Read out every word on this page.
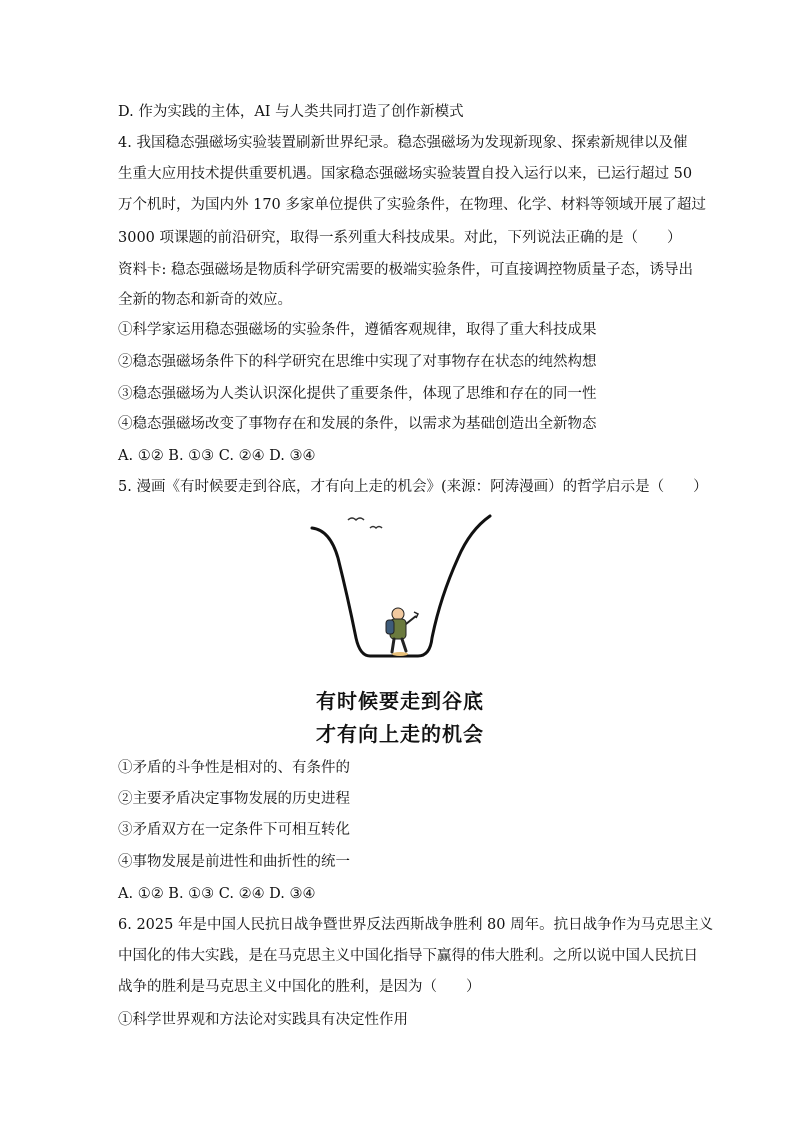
D. 作为实践的主体，AI 与人类共同打造了创作新模式
4. 我国稳态强磁场实验装置刷新世界纪录。稳态强磁场为发现新现象、探索新规律以及催
生重大应用技术提供重要机遇。国家稳态强磁场实验装置自投入运行以来，已运行超过 50
万个机时，为国内外 170 多家单位提供了实验条件，在物理、化学、材料等领域开展了超过
3000 项课题的前沿研究，取得一系列重大科技成果。对此，下列说法正确的是（　　）
资料卡: 稳态强磁场是物质科学研究需要的极端实验条件，可直接调控物质量子态，诱导出
全新的物态和新奇的效应。
①科学家运用稳态强磁场的实验条件，遵循客观规律，取得了重大科技成果
②稳态强磁场条件下的科学研究在思维中实现了对事物存在状态的纯然构想
③稳态强磁场为人类认识深化提供了重要条件，体现了思维和存在的同一性
④稳态强磁场改变了事物存在和发展的条件，以需求为基础创造出全新物态
A. ①② B. ①③ C. ②④ D. ③④
5. 漫画《有时候要走到谷底，才有向上走的机会》(来源：阿涛漫画）的哲学启示是（　　）
有时候要走到谷底
才有向上走的机会
①矛盾的斗争性是相对的、有条件的
②主要矛盾决定事物发展的历史进程
③矛盾双方在一定条件下可相互转化
④事物发展是前进性和曲折性的统一
A. ①② B. ①③ C. ②④ D. ③④
6. 2025 年是中国人民抗日战争暨世界反法西斯战争胜利 80 周年。抗日战争作为马克思主义
中国化的伟大实践，是在马克思主义中国化指导下赢得的伟大胜利。之所以说中国人民抗日
战争的胜利是马克思主义中国化的胜利，是因为（　　）
①科学世界观和方法论对实践具有决定性作用
